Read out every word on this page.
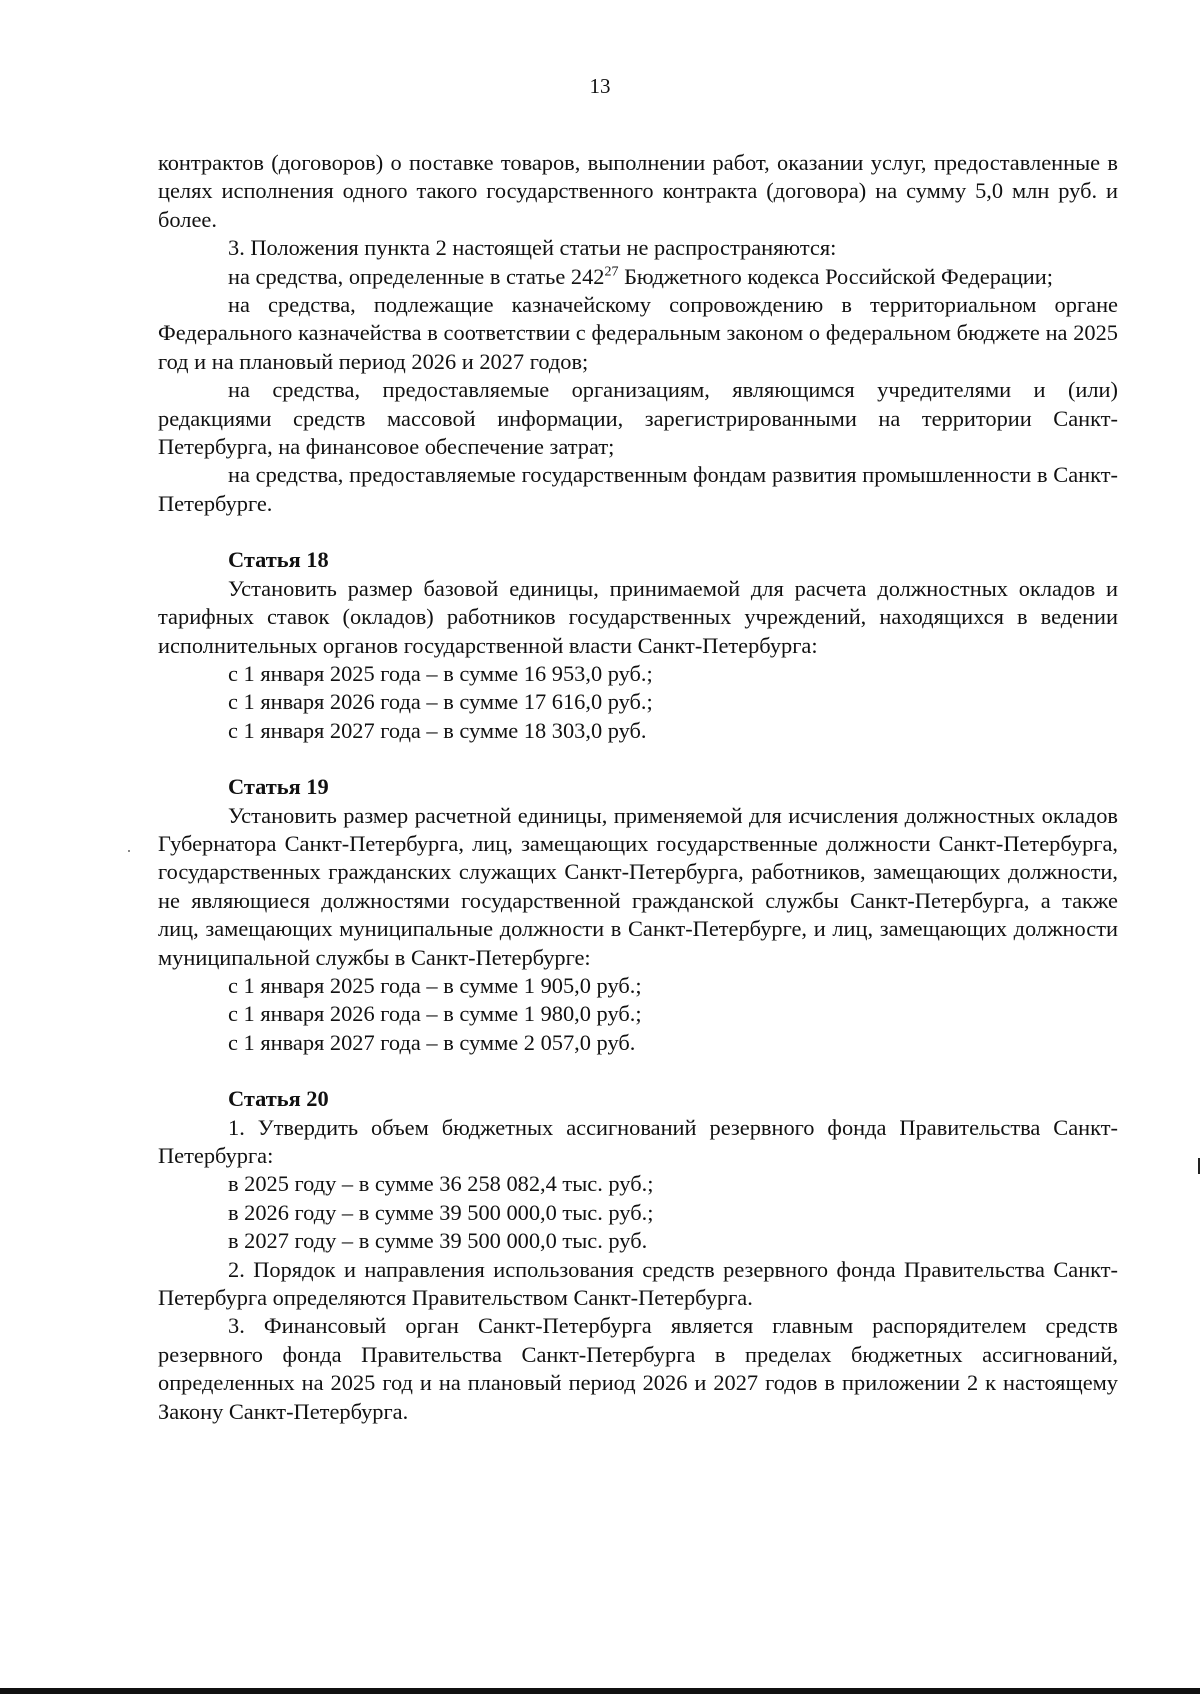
13

контрактов (договоров) о поставке товаров, выполнении работ, оказании услуг, предоставленные в целях исполнения одного такого государственного контракта (договора) на сумму 5,0 млн руб. и более.

3. Положения пункта 2 настоящей статьи не распространяются:

на средства, определенные в статье $242^{27}$ Бюджетного кодекса Российской Федерации;

на средства, подлежащие казначейскому сопровождению в территориальном органе Федерального казначейства в соответствии с федеральным законом о федеральном бюджете на 2025 год и на плановый период 2026 и 2027 годов;

на средства, предоставляемые организациям, являющимся учредителями и (или) редакциями средств массовой информации, зарегистрированными на территории Санкт-Петербурга, на финансовое обеспечение затрат;

на средства, предоставляемые государственным фондам развития промышленности в Санкт-Петербурге.

Статья 18

Установить размер базовой единицы, принимаемой для расчета должностных окладов и тарифных ставок (окладов) работников государственных учреждений, находящихся в ведении исполнительных органов государственной власти Санкт-Петербурга:

с 1 января 2025 года – в сумме 16 953,0 руб.;

с 1 января 2026 года – в сумме 17 616,0 руб.;

с 1 января 2027 года – в сумме 18 303,0 руб.

Статья 19

Установить размер расчетной единицы, применяемой для исчисления должностных окладов Губернатора Санкт-Петербурга, лиц, замещающих государственные должности Санкт-Петербурга, государственных гражданских служащих Санкт-Петербурга, работников, замещающих должности, не являющиеся должностями государственной гражданской службы Санкт-Петербурга, а также лиц, замещающих муниципальные должности в Санкт-Петербурге, и лиц, замещающих должности муниципальной службы в Санкт-Петербурге:

с 1 января 2025 года – в сумме 1 905,0 руб.;

с 1 января 2026 года – в сумме 1 980,0 руб.;

с 1 января 2027 года – в сумме 2 057,0 руб.

Статья 20

1. Утвердить объем бюджетных ассигнований резервного фонда Правительства Санкт-Петербурга:

в 2025 году – в сумме 36 258 082,4 тыс. руб.;

в 2026 году – в сумме 39 500 000,0 тыс. руб.;

в 2027 году – в сумме 39 500 000,0 тыс. руб.

2. Порядок и направления использования средств резервного фонда Правительства Санкт-Петербурга определяются Правительством Санкт-Петербурга.

3. Финансовый орган Санкт-Петербурга является главным распорядителем средств резервного фонда Правительства Санкт-Петербурга в пределах бюджетных ассигнований, определенных на 2025 год и на плановый период 2026 и 2027 годов в приложении 2 к настоящему Закону Санкт-Петербурга.
